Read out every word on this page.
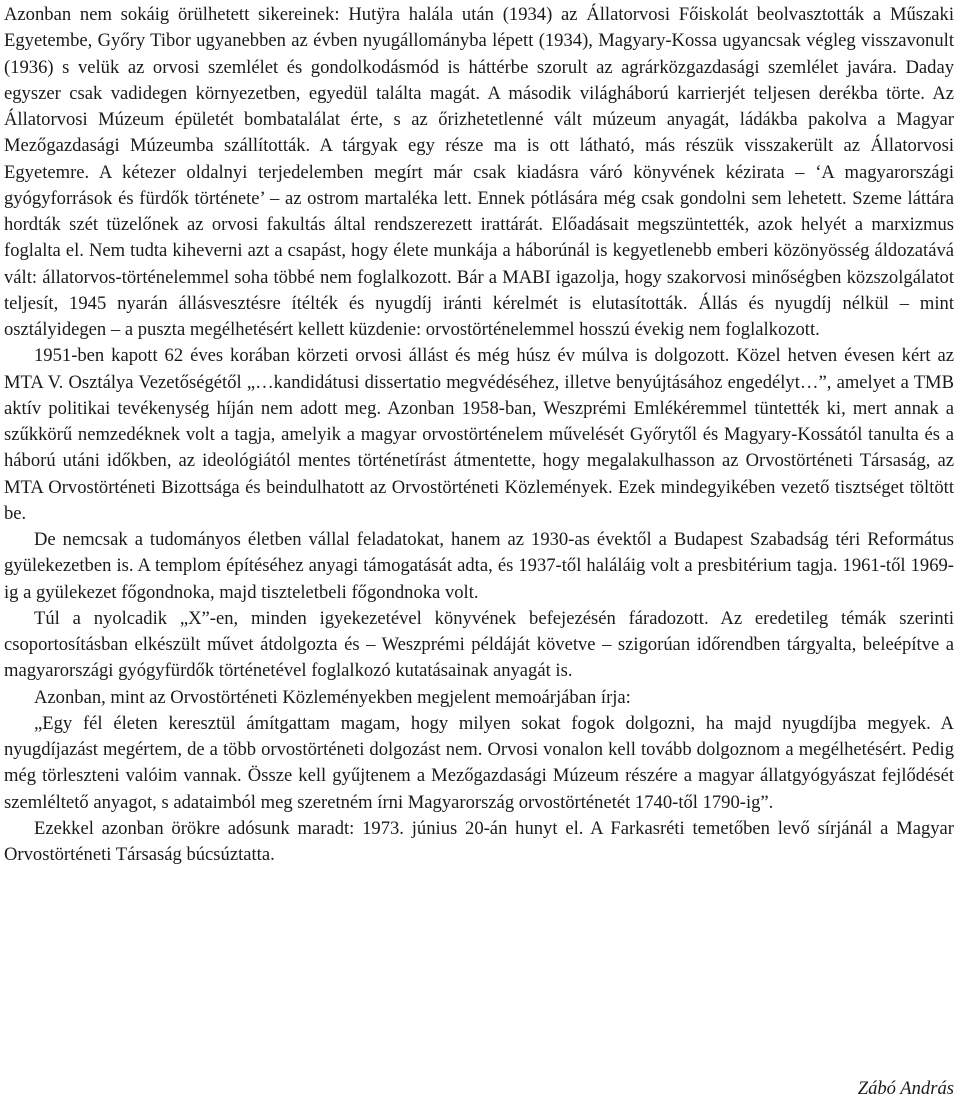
Azonban nem sokáig örülhetett sikereinek: Hutÿra halála után (1934) az Állatorvosi Főiskolát beolvasztották a Műszaki Egyetembe, Győry Tibor ugyanebben az évben nyugállományba lépett (1934), Magyary-Kossa ugyancsak végleg visszavonult (1936) s velük az orvosi szemlélet és gondolkodásmód is háttérbe szorult az agrárközgazdasági szemlélet javára. Daday egyszer csak vadidegen környezetben, egyedül találta magát. A második világháború karrierjét teljesen derékba törte. Az Állatorvosi Múzeum épületét bombatalálat érte, s az őrizhetetlenné vált múzeum anyagát, ládákba pakolva a Magyar Mezőgazdasági Múzeumba szállították. A tárgyak egy része ma is ott látható, más részük visszakerült az Állatorvosi Egyetemre. A kétezer oldalnyi terjedelemben megírt már csak kiadásra váró könyvének kézirata – ‘A magyarországi gyógyforrások és fürdők története’ – az ostrom martaléka lett. Ennek pótlására még csak gondolni sem lehetett. Szeme láttára hordták szét tüzelőnek az orvosi fakultás által rendszerezett irattárát. Előadásait megszüntették, azok helyét a marxizmus foglalta el. Nem tudta kiheverni azt a csapást, hogy élete munkája a háborúnál is kegyetlenebb emberi közönyösség áldozatává vált: állatorvos-történelemmel soha többé nem foglalkozott. Bár a MABI igazolja, hogy szakorvosi minőségben közszolgálatot teljesít, 1945 nyarán állásvesztésre ítélték és nyugdíj iránti kérelmét is elutasították. Állás és nyugdíj nélkül – mint osztályidegen – a puszta megélhetésért kellett küzdenie: orvostörténelemmel hosszú évekig nem foglalkozott.

1951-ben kapott 62 éves korában körzeti orvosi állást és még húsz év múlva is dolgozott. Közel hetven évesen kért az MTA V. Osztálya Vezetőségétől „…kandidátusi dissertatio megvédéséhez, illetve benyújtásához engedélyt…”, amelyet a TMB aktív politikai tevékenység híján nem adott meg. Azonban 1958-ban, Weszprémi Emlékéremmel tüntették ki, mert annak a szűkkörű nemzedéknek volt a tagja, amelyik a magyar orvostörténelem művelését Győrytől és Magyary-Kossától tanulta és a háború utáni időkben, az ideológiától mentes történetírást átmentette, hogy megalakulhasson az Orvostörténeti Társaság, az MTA Orvostörténeti Bizottsága és beindulhatott az Orvostörténeti Közlemények. Ezek mindegyikében vezető tisztséget töltött be.

De nemcsak a tudományos életben vállal feladatokat, hanem az 1930-as évektől a Budapest Szabadság téri Református gyülekezetben is. A templom építéséhez anyagi támogatását adta, és 1937-től haláláig volt a presbitérium tagja. 1961-től 1969-ig a gyülekezet főgondnoka, majd tiszteletbeli főgondnoka volt.

Túl a nyolcadik „X”-en, minden igyekezetével könyvének befejezésén fáradozott. Az eredetileg témák szerinti csoportosításban elkészült művet átdolgozta és – Weszprémi példáját követve – szigorúan időrendben tárgyalta, beleépítve a magyarországi gyógyfürdők történetével foglalkozó kutatásainak anyagát is.

Azonban, mint az Orvostörténeti Közleményekben megjelent memoárjában írja:

„Egy fél életen keresztül ámítgattam magam, hogy milyen sokat fogok dolgozni, ha majd nyugdíjba megyek. A nyugdíjazást megértem, de a több orvostörténeti dolgozást nem. Orvosi vonalon kell tovább dolgoznom a megélhetésért. Pedig még törleszteni valóim vannak. Össze kell gyűjtenem a Mezőgazdasági Múzeum részére a magyar állatgyógyászat fejlődését szemléltető anyagot, s adataimból meg szeretném írni Magyarország orvostörténetét 1740-től 1790-ig”.

Ezekkel azonban örökre adósunk maradt: 1973. június 20-án hunyt el. A Farkasréti temetőben levő sírjánál a Magyar Orvostörténeti Társaság búcsúztatta.

Zábó András
